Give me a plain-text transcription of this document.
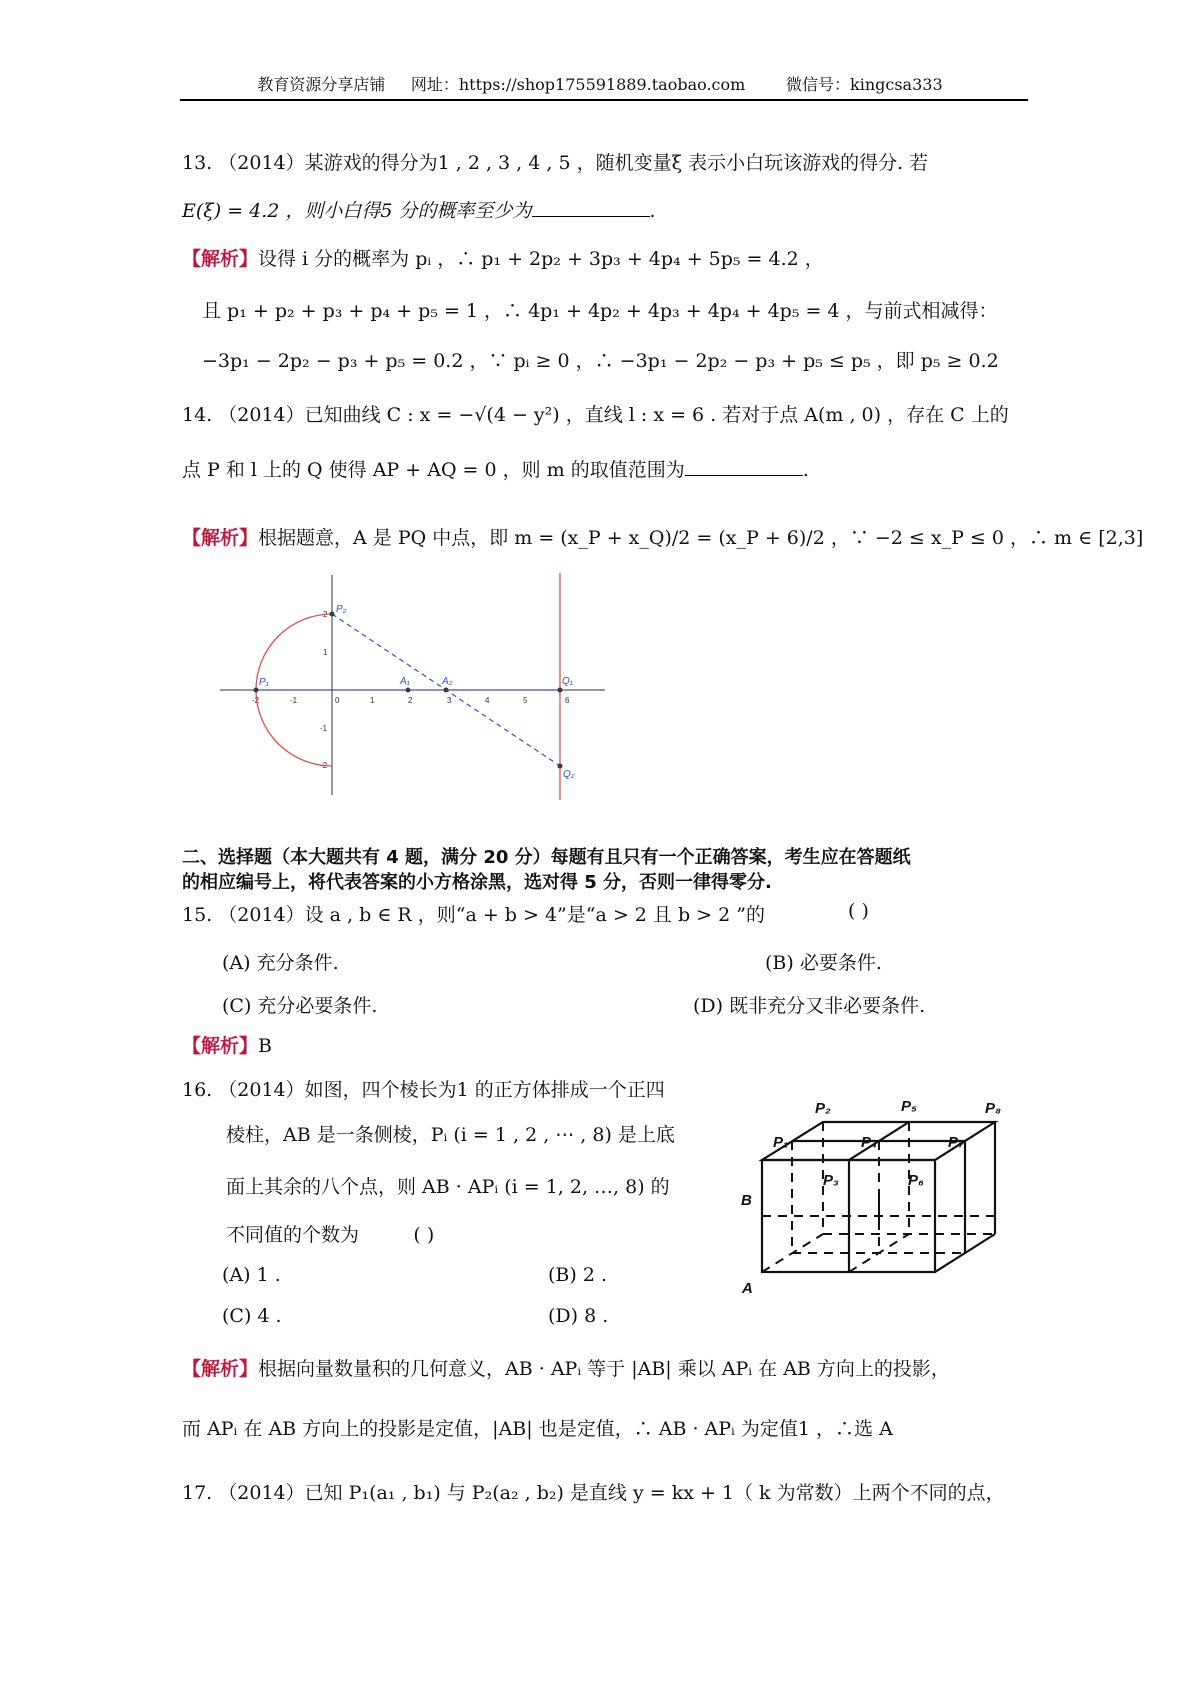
教育资源分享店铺 网址：https://shop175591889.taobao.com	微信号：kingcsa333
13. （2014）某游戏的得分为1 , 2 , 3 , 4 , 5 ，随机变量ξ 表示小白玩该游戏的得分. 若
E(ξ) = 4.2 ，则小白得5 分的概率至少为	.
【解析】设得 i 分的概率为 pᵢ ，∴ p₁ + 2p₂ + 3p₃ + 4p₄ + 5p₅ = 4.2 ，
且 p₁ + p₂ + p₃ + p₄ + p₅ = 1 ，∴ 4p₁ + 4p₂ + 4p₃ + 4p₄ + 4p₅ = 4 ，与前式相减得：
−3p₁ − 2p₂ − p₃ + p₅ = 0.2 ，∵ pᵢ ≥ 0 ，∴ −3p₁ − 2p₂ − p₃ + p₅ ≤ p₅ ，即 p₅ ≥ 0.2
14. （2014）已知曲线 C : x = −√(4 − y²) ，直线 l : x = 6 . 若对于点 A(m , 0) ，存在 C 上的
点 P 和 l 上的 Q 使得 AP + AQ = 0 ，则 m 的取值范围为	.
【解析】根据题意，A 是 PQ 中点，即 m = (x_P + x_Q)/2 = (x_P + 6)/2 ，∵ −2 ≤ x_P ≤ 0 ，∴ m ∈ [2,3]
-2	-1	0	1	2	3	4	5	6
2
1
-1
-2
P₁
P₂
A₁	A₂	Q₁
Q₂
二、选择题（本大题共有 4 题，满分 20 分）每题有且只有一个正确答案，考生应在答题纸
的相应编号上，将代表答案的小方格涂黑，选对得 5 分，否则一律得零分.
15. （2014）设 a , b ∈ R ，则“a + b > 4”是“a > 2 且 b > 2 ”的	( )
(A) 充分条件.	(B) 必要条件.
(C) 充分必要条件.	(D) 既非充分又非必要条件.
【解析】B
16. （2014）如图，四个棱长为1 的正方体排成一个正四
棱柱，AB 是一条侧棱，Pᵢ (i = 1 , 2 , ⋯ , 8) 是上底
面上其余的八个点，则 AB · APᵢ (i = 1, 2, …, 8) 的
不同值的个数为	( )
(A) 1 .	(B) 2 .
(C) 4 .	(D) 8 .
P₂	P₅	P₈
P₁	P₄	P₇
P₃	P₆
B
A
【解析】根据向量数量积的几何意义，AB · APᵢ 等于 |AB| 乘以 APᵢ 在 AB 方向上的投影，
而 APᵢ 在 AB 方向上的投影是定值，|AB| 也是定值，∴ AB · APᵢ 为定值1 ，∴选 A
17. （2014）已知 P₁(a₁ , b₁) 与 P₂(a₂ , b₂) 是直线 y = kx + 1（ k 为常数）上两个不同的点，
